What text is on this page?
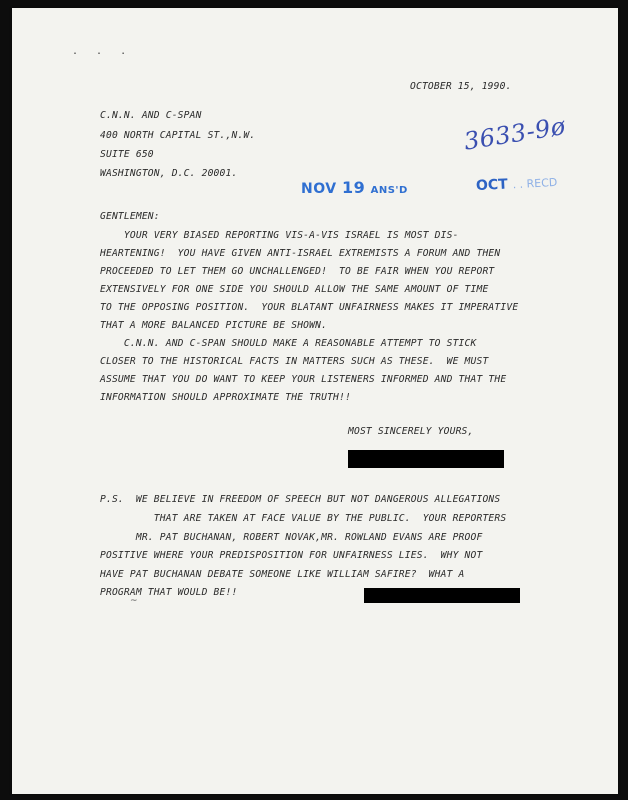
. . .
OCTOBER 15, 1990.
C.N.N. AND C-SPAN
400 NORTH CAPITAL ST.,N.W.
SUITE 650
WASHINGTON, D.C. 20001.
3633-9ø
NOV 19 ANS'D	OCT . . RECD
GENTLEMEN:
YOUR VERY BIASED REPORTING VIS-A-VIS ISRAEL IS MOST DIS-
HEARTENING!  YOU HAVE GIVEN ANTI-ISRAEL EXTREMISTS A FORUM AND THEN
PROCEEDED TO LET THEM GO UNCHALLENGED!  TO BE FAIR WHEN YOU REPORT
EXTENSIVELY FOR ONE SIDE YOU SHOULD ALLOW THE SAME AMOUNT OF TIME
TO THE OPPOSING POSITION.  YOUR BLATANT UNFAIRNESS MAKES IT IMPERATIVE
THAT A MORE BALANCED PICTURE BE SHOWN.
C.N.N. AND C-SPAN SHOULD MAKE A REASONABLE ATTEMPT TO STICK
CLOSER TO THE HISTORICAL FACTS IN MATTERS SUCH AS THESE.  WE MUST
ASSUME THAT YOU DO WANT TO KEEP YOUR LISTENERS INFORMED AND THAT THE
INFORMATION SHOULD APPROXIMATE THE TRUTH!!
MOST SINCERELY YOURS,
P.S.  WE BELIEVE IN FREEDOM OF SPEECH BUT NOT DANGEROUS ALLEGATIONS
THAT ARE TAKEN AT FACE VALUE BY THE PUBLIC.  YOUR REPORTERS
MR. PAT BUCHANAN, ROBERT NOVAK,MR. ROWLAND EVANS ARE PROOF
POSITIVE WHERE YOUR PREDISPOSITION FOR UNFAIRNESS LIES.  WHY NOT
HAVE PAT BUCHANAN DEBATE SOMEONE LIKE WILLIAM SAFIRE?  WHAT A
PROGRAM THAT WOULD BE!!
~
